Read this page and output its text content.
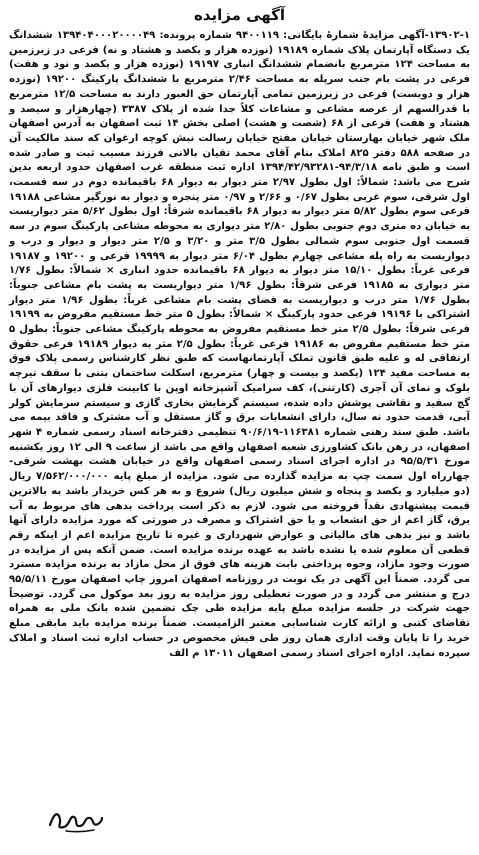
آگهی مزایده

۱۳۹۰۲-۱-آگهی مزایدهٔ شمارهٔ بایگانی: ۹۴۰۰۱۱۹ شماره پرونده: ۱۳۹۴۰۴۰۰۰۲۰۰۰۰۴۹ ششدانگ یک دستگاه آپارتمان پلاک شماره ۱۹۱۸۹ (نوزده هزار و یکصد و هشتاد و نه) فرعی در زیرزمین به مساحت ۱۲۴ مترمربع بانضمام ششدانگ انباری ۱۹۱۹۷ (نوزده هزار و یکصد و نود و هفت) فرعی در پشت بام جنب سرپله به مساحت ۲/۴۶ مترمربع با ششدانگ پارکینگ ۱۹۲۰۰ (نوزده هزار و دویست) فرعی در زیرزمین تمامی آپارتمان حق العبور دارند به مساحت ۱۲/۵ مترمربع با قدرالسهم از عرصه مشاعی و مشاعات کلاً جدا شده از پلاک ۳۳۸۷ (چهارهزار و سیصد و هشتاد و هفت) فرعی از ۶۸ (شصت و هشت) اصلی بخش ۱۴ ثبت اصفهان به آدرس اصفهان ملک شهر خیابان بهارستان خیابان مفتح خیابان رسالت نبش کوچه ارغوان که سند مالکیت آن در صفحه ۵۸۸ دفتر ۸۲۵ املاک بنام آقای محمد تقیان بالانی فرزند مسیب ثبت و صادر شده است و طبق نامه ۹۴/۳/۱۸-۱۳۹۴/۴۲/۹۳۲۸۱ اداره ثبت منطقه غرب اصفهان حدود اربعه بدین شرح می باشد: شمالاً: اول بطول ۲/۹۷ متر دیوار به دیوار ۶۸ باقیمانده دوم در سه قسمت، اول شرقی، سوم غربی بطول ۰/۶۷ و ۲/۶۶ و ۰/۹۷ متر پنجره و دیوار به نورگیر مشاعی ۱۹۱۸۸ فرعی سوم بطول ۵/۸۲ متر دیوار به دیوار ۶۸ باقیمانده شرقاً: اول بطول ۵/۶۲ متر دیواریست به خیابان ده متری دوم جنوبی بطول ۲/۸۰ متر دیواری به محوطه مشاعی پارکینگ سوم در سه قسمت اول جنوبی سوم شمالی بطول ۳/۵ متر و ۳/۲۰ و ۲/۵ متر دیوار و دیوار و درب و دیواریست به راه پله مشاعی چهارم بطول ۶/۰۴ متر دیوار به ۱۹۹۹۹ فرعی و ۱۹۲۰۰ و ۱۹۱۸۷ فرعی غرباً: بطول ۱۵/۱۰ متر دیوار به دیوار ۶۸ باقیمانده حدود انباری × شمالاً: بطول ۱/۷۶ متر دیواری به ۱۹۱۸۵ فرعی شرقاً: بطول ۱/۹۶ متر دیواریست به پشت بام مشاعی جنوباً: بطول ۱/۷۶ متر درب و دیواریست به فضای پشت بام مشاعی غرباً: بطول ۱/۹۶ متر دیوار اشتراکی با ۱۹۱۹۶ فرعی حدود پارکینگ × شمالاً: بطول ۵ متر خط مستقیم مفروض به ۱۹۱۹۹ فرعی شرقاً: بطول ۲/۵ متر خط مستقیم مفروض به محوطه پارکینگ مشاعی جنوباً: بطول ۵ متر خط مستقیم مفروض به ۱۹۱۸۶ فرعی غرباً: بطول ۲/۵ متر به دیوار ۱۹۱۸۹ فرعی حقوق ارتفاقی له و علیه طبق قانون تملک آپارتمانهاست که طبق نظر کارشناس رسمی پلاک فوق به مساحت مفید ۱۲۴ (یکصد و بیست و چهار) مترمربع، اسکلت ساختمان بتنی با سقف تیرچه بلوک و نمای آن آجری (کارتنی)، کف سرامیک آشپزخانه اوپن با کابینت فلزی دیوارهای آن با گچ سفید و نقاشی پوشش داده شده، سیستم گرمایش بخاری گازی و سیستم سرمایش کولر آبی، قدمت حدود نه سال، دارای انشعابات برق و گاز مستقل و آب مشترک و فاقد بیمه می باشد. طبق سند رهنی شماره ۱۱۶۳۸۱-۹۰/۶/۱۹ تنظیمی دفترخانه اسناد رسمی شماره ۴ شهر اصفهان، در رهن بانک کشاورزی شعبه اصفهان واقع می باشد از ساعت ۹ الی ۱۲ روز یکشنبه مورخ ۹۵/۵/۳۱ در اداره اجرای اسناد رسمی اصفهان واقع در خیابان هشت بهشت شرقی- چهارراه اول سمت چپ به مزایده گذارده می شود. مزایده از مبلغ پایه ۷/۵۶۲/۰۰۰/۰۰۰ ریال (دو میلیارد و یکصد و پنجاه و شش میلیون ریال) شروع و به هر کس خریدار باشد به بالاترین قیمت پیشنهادی نقداً فروخته می شود. لازم به ذکر است پرداخت بدهی های مربوط به آب برق، گاز اعم از حق انشعاب و یا حق اشتراک و مصرف در صورتی که مورد مزایده دارای آنها باشد و نیز بدهی های مالیاتی و عوارض شهرداری و غیره تا تاریخ مزایده اعم از اینکه رقم قطعی آن معلوم شده یا نشده باشد به عهده برنده مزایده است. ضمن آنکه پس از مزایده در صورت وجود مازاد، وجوه پرداختی بابت هزینه های فوق از محل مازاد به برنده مزایده مسترد می گردد. ضمناً این آگهی در یک نوبت در روزنامه اصفهان امروز چاپ اصفهان مورخ ۹۵/۵/۱۱ درج و منتشر می گردد و در صورت تعطیلی روز مزایده به روز بعد موکول می گردد. توضیحاً جهت شرکت در جلسه مزایده مبلغ پایه مزایده طی چک تضمین شده بانک ملی به همراه تقاضای کتبی و ارائه کارت شناسایی معتبر الزامیست. ضمناً برنده مزایده باید مابقی مبلغ خرید را تا پایان وقت اداری همان روز طی فیش مخصوص در حساب اداره ثبت اسناد و املاک سپرده نماید. اداره اجرای اسناد رسمی اصفهان ۱۳۰۱۱ م الف
